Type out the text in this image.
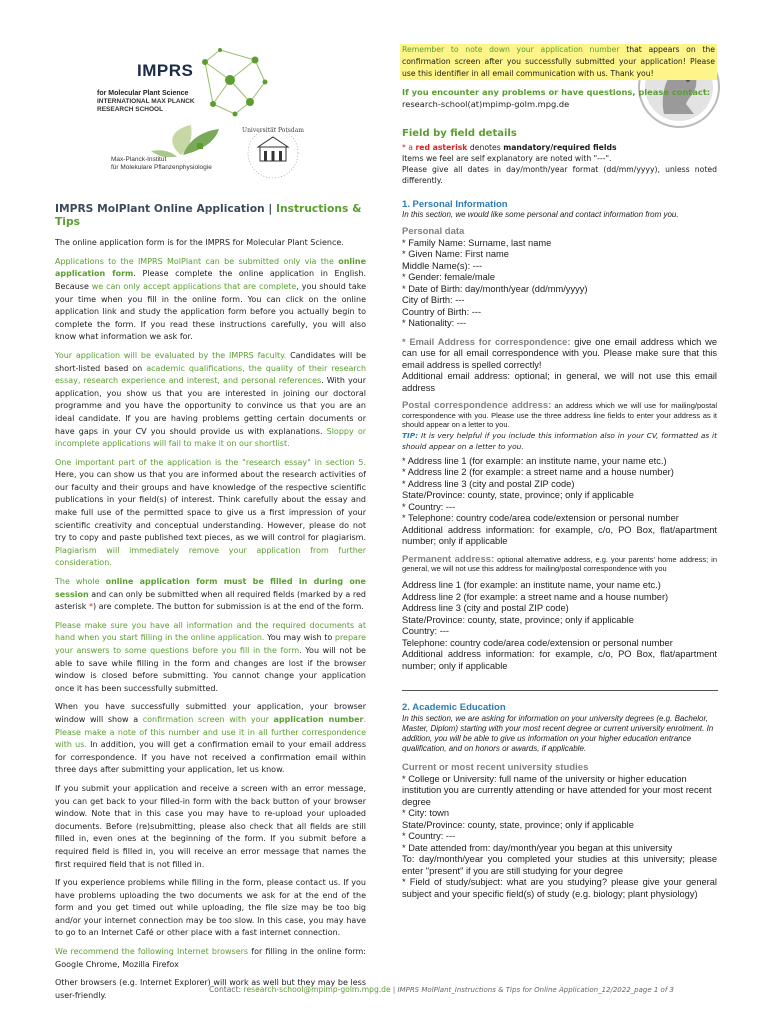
IMPRS
for Molecular Plant Science
INTERNATIONAL MAX PLANCK
RESEARCH SCHOOL
Max-Planck-Institut
für Molekulare Pflanzenphysiologie
Universität Potsdam
IMPRS MolPlant Online Application | Instructions & Tips

The online application form is for the IMPRS for Molecular Plant Science.

Applications to the IMPRS MolPlant can be submitted only via the online application form. Please complete the online application in English. Because we can only accept applications that are complete, you should take your time when you fill in the online form. You can click on the online application link and study the application form before you actually begin to complete the form. If you read these instructions carefully, you will also know what information we ask for.

Your application will be evaluated by the IMPRS faculty. Candidates will be short-listed based on academic qualifications, the quality of their research essay, research experience and interest, and personal references. With your application, you show us that you are interested in joining our doctoral programme and you have the opportunity to convince us that you are an ideal candidate. If you are having problems getting certain documents or have gaps in your CV you should provide us with explanations. Sloppy or incomplete applications will fail to make it on our shortlist.

One important part of the application is the "research essay" in section 5. Here, you can show us that you are informed about the research activities of our faculty and their groups and have knowledge of the respective scientific publications in your field(s) of interest. Think carefully about the essay and make full use of the permitted space to give us a first impression of your scientific creativity and conceptual understanding. However, please do not try to copy and paste published text pieces, as we will control for plagiarism. Plagiarism will immediately remove your application from further consideration.

The whole online application form must be filled in during one session and can only be submitted when all required fields (marked by a red asterisk *) are complete. The button for submission is at the end of the form.

Please make sure you have all information and the required documents at hand when you start filling in the online application. You may wish to prepare your answers to some questions before you fill in the form. You will not be able to save while filling in the form and changes are lost if the browser window is closed before submitting. You cannot change your application once it has been successfully submitted.

When you have successfully submitted your application, your browser window will show a confirmation screen with your application number. Please make a note of this number and use it in all further correspondence with us. In addition, you will get a confirmation email to your email address for correspondence. If you have not received a confirmation email within three days after submitting your application, let us know.

If you submit your application and receive a screen with an error message, you can get back to your filled-in form with the back button of your browser window. Note that in this case you may have to re-upload your uploaded documents. Before (re)submitting, please also check that all fields are still filled in, even ones at the beginning of the form. If you submit before a required field is filled in, you will receive an error message that names the first required field that is not filled in.

If you experience problems while filling in the form, please contact us. If you have problems uploading the two documents we ask for at the end of the form and you get timed out while uploading, the file size may be too big and/or your internet connection may be too slow. In this case, you may have to go to an Internet Café or other place with a fast internet connection.

We recommend the following Internet browsers for filling in the online form: Google Chrome, Mozilla Firefox

Other browsers (e.g. Internet Explorer) will work as well but they may be less user-friendly.

Remember to note down your application number that appears on the confirmation screen after you successfully submitted your application! Please use this identifier in all email communication with us. Thank you!
If you encounter any problems or have questions, please contact:
research-school(at)mpimp-golm.mpg.de
Field by field details
* a red asterisk denotes mandatory/required fields
Items we feel are self explanatory are noted with "---".
Please give all dates in day/month/year format (dd/mm/yyyy), unless noted differently.
1. Personal Information
In this section, we would like some personal and contact information from you.
Personal data
* Family Name: Surname, last name
* Given Name: First name
Middle Name(s): ---
* Gender: female/male
* Date of Birth: day/month/year (dd/mm/yyyy)
City of Birth: ---
Country of Birth: ---
* Nationality: ---
* Email Address for correspondence: give one email address which we can use for all email correspondence with you. Please make sure that this email address is spelled correctly!
Additional email address: optional; in general, we will not use this email address
Postal correspondence address: an address which we will use for mailing/postal correspondence with you. Please use the three address line fields to enter your address as it should appear on a letter to you.
TIP: It is very helpful if you include this information also in your CV, formatted as it should appear on a letter to you.
* Address line 1 (for example: an institute name, your name etc.)
* Address line 2 (for example: a street name and a house number)
* Address line 3 (city and postal ZIP code)
State/Province: county, state, province; only if applicable
* Country: ---
* Telephone: country code/area code/extension or personal number
Additional address information: for example, c/o, PO Box, flat/apartment number; only if applicable
Permanent address: optional alternative address, e.g. your parents' home address; in general, we will not use this address for mailing/postal correspondence with you
Address line 1 (for example: an institute name, your name etc.)
Address line 2 (for example: a street name and a house number)
Address line 3 (city and postal ZIP code)
State/Province: county, state, province; only if applicable
Country: ---
Telephone: country code/area code/extension or personal number
Additional address information: for example, c/o, PO Box, flat/apartment number; only if applicable
2. Academic Education
In this section, we are asking for information on your university degrees (e.g. Bachelor, Master, Diplom) starting with your most recent degree or current university enrolment. In addition, you will be able to give us information on your higher education entrance qualification, and on honors or awards, if applicable.
Current or most recent university studies
* College or University: full name of the university or higher education institution you are currently attending or have attended for your most recent degree
* City: town
State/Province: county, state, province; only if applicable
* Country: ---
* Date attended from: day/month/year you began at this university
To: day/month/year you completed your studies at this university; please enter "present" if you are still studying for your degree
* Field of study/subject: what are you studying? please give your general subject and your specific field(s) of study (e.g. biology; plant physiology)
Contact: research-school@mpimp-golm.mpg.de | IMPRS MolPlant_Instructions & Tips for Online Application_12/2022_page 1 of 3
